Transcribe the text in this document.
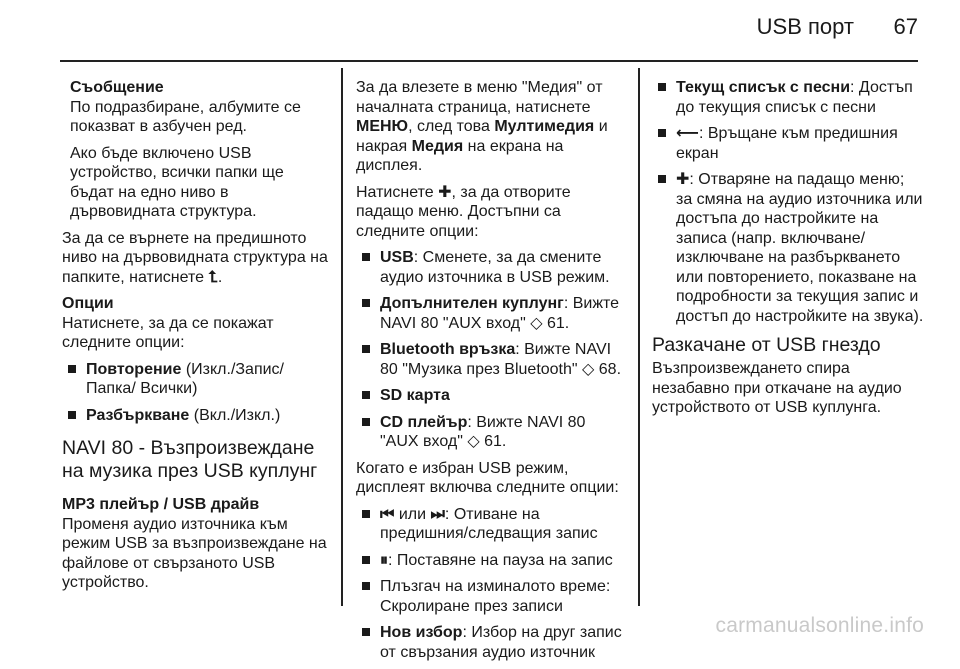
USB порт 67

Съобщение

По подразбиране, албумите се показват в азбучен ред.

Ако бъде включено USB устройство, всички папки ще бъдат на едно ниво в дървовидната структура.

За да се върнете на предишното ниво на дървовидната структура на папките, натиснете ⮤.

Опции

Натиснете, за да се покажат следните опции:

Повторение (Изкл./Запис/Папка/ Всички)
Разбъркване (Вкл./Изкл.)
NAVI 80 - Възпроизвеждане на музика през USB куплунг

MP3 плейър / USB драйв

Променя аудио източника към режим USB за възпроизвеждане на файлове от свързаното USB устройство.

За да влезете в меню "Медия" от началната страница, натиснете МЕНЮ, след това Мултимедия и накрая Медия на екрана на дисплея.

Натиснете ✚, за да отворите падащо меню. Достъпни са следните опции:

USB: Сменете, за да смените аудио източника в USB режим.
Допълнителен куплунг: Вижте NAVI 80 "AUX вход" ◇ 61.
Bluetooth връзка: Вижте NAVI 80 "Музика през Bluetooth" ◇ 68.
SD карта
CD плейър: Вижте NAVI 80 "AUX вход" ◇ 61.

Когато е избран USB режим, дисплеят включва следните опции:

⏮ или ⏭: Отиване на предишния/следващия запис
⏸: Поставяне на пауза на запис
Плъзгач на изминалото време: Скролиране през записи
Нов избор: Избор на друг запис от свързания аудио източник
Текущ списък с песни: Достъп до текущия списък с песни
⟵: Връщане към предишния екран
✚: Отваряне на падащо меню; за смяна на аудио източника или достъпа до настройките на записа (напр. включване/ изключване на разбъркването или повторението, показване на подробности за текущия запис и достъп до настройките на звука).
Разкачане от USB гнездо

Възпроизвеждането спира незабавно при откачане на аудио устройството от USB куплунга.

carmanualsonline.info
